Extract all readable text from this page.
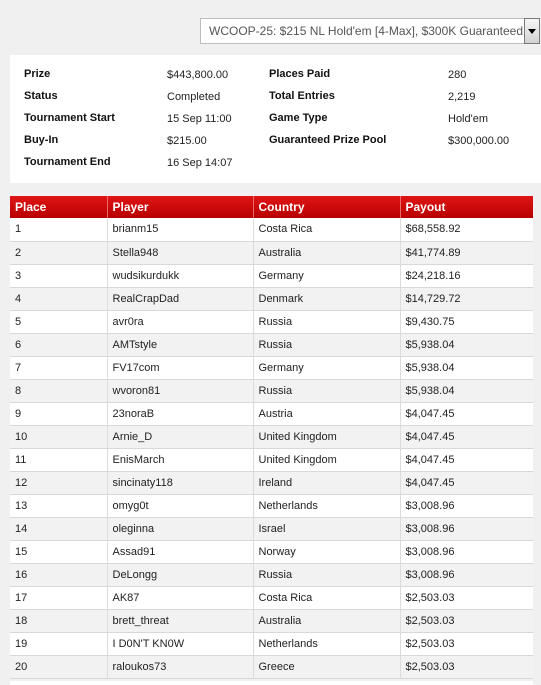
WCOOP-25: $215 NL Hold'em [4-Max], $300K Guaranteed
Prize	$443,800.00
Status	Completed
Tournament Start	15 Sep 11:00
Buy-In	$215.00
Tournament End	16 Sep 14:07
Places Paid	280
Total Entries	2,219
Game Type	Hold'em
Guaranteed Prize Pool	$300,000.00
Place	Player	Country	Payout
1	brianm15	Costa Rica	$68,558.92
2	Stella948	Australia	$41,774.89
3	wudsikurdukk	Germany	$24,218.16
4	RealCrapDad	Denmark	$14,729.72
5	avr0ra	Russia	$9,430.75
6	AMTstyle	Russia	$5,938.04
7	FV17com	Germany	$5,938.04
8	wvoron81	Russia	$5,938.04
9	23noraB	Austria	$4,047.45
10	Arnie_D	United Kingdom	$4,047.45
11	EnisMarch	United Kingdom	$4,047.45
12	sincinaty118	Ireland	$4,047.45
13	omyg0t	Netherlands	$3,008.96
14	oleginna	Israel	$3,008.96
15	Assad91	Norway	$3,008.96
16	DeLongg	Russia	$3,008.96
17	AK87	Costa Rica	$2,503.03
18	brett_threat	Australia	$2,503.03
19	I D0N'T KN0W	Netherlands	$2,503.03
20	raloukos73	Greece	$2,503.03
